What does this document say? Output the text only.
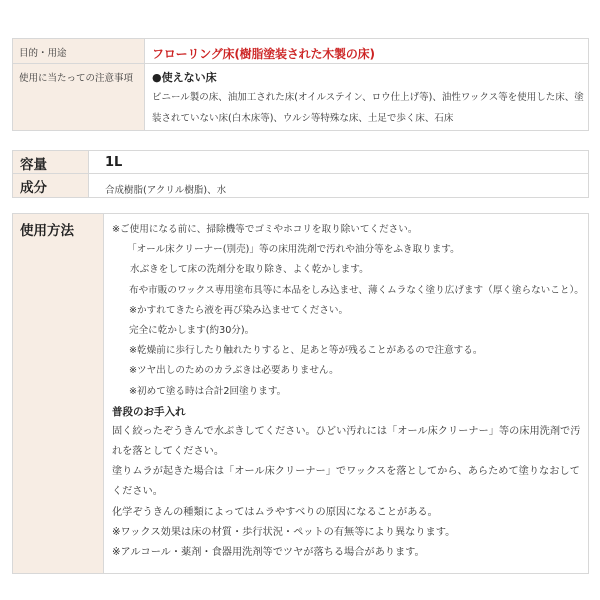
目的・用途	フローリング床(樹脂塗装された木製の床)
使用に当たっての注意事項	●使えない床
ビニール製の床、油加工された床(オイルステイン、ロウ仕上げ等)、油性ワックス等を使用した床、塗装されていない床(白木床等)、ウルシ等特殊な床、土足で歩く床、石床
容量	1L
成分	合成樹脂(アクリル樹脂)、水
使用方法	※ご使用になる前に、掃除機等でゴミやホコリを取り除いてください。
「オール床クリーナー(別売)」等の床用洗剤で汚れや油分等をふき取ります。
水ぶきをして床の洗剤分を取り除き、よく乾かします。
布や市販のワックス専用塗布具等に本品をしみ込ませ、薄くムラなく塗り広げます（厚く塗らないこと）。
※かすれてきたら液を再び染み込ませてください。
完全に乾かします(約30分)。
※乾燥前に歩行したり触れたりすると、足あと等が残ることがあるので注意する。
※ツヤ出しのためのカラぶきは必要ありません。
※初めて塗る時は合計2回塗ります。
普段のお手入れ
固く絞ったぞうきんで水ぶきしてください。ひどい汚れには「オール床クリーナー」等の床用洗剤で汚れを落としてください。
塗りムラが起きた場合は「オール床クリーナー」でワックスを落としてから、あらためて塗りなおしてください。
化学ぞうきんの種類によってはムラやすべりの原因になることがある。
※ワックス効果は床の材質・歩行状況・ペットの有無等により異なります。
※アルコール・薬剤・食器用洗剤等でツヤが落ちる場合があります。
